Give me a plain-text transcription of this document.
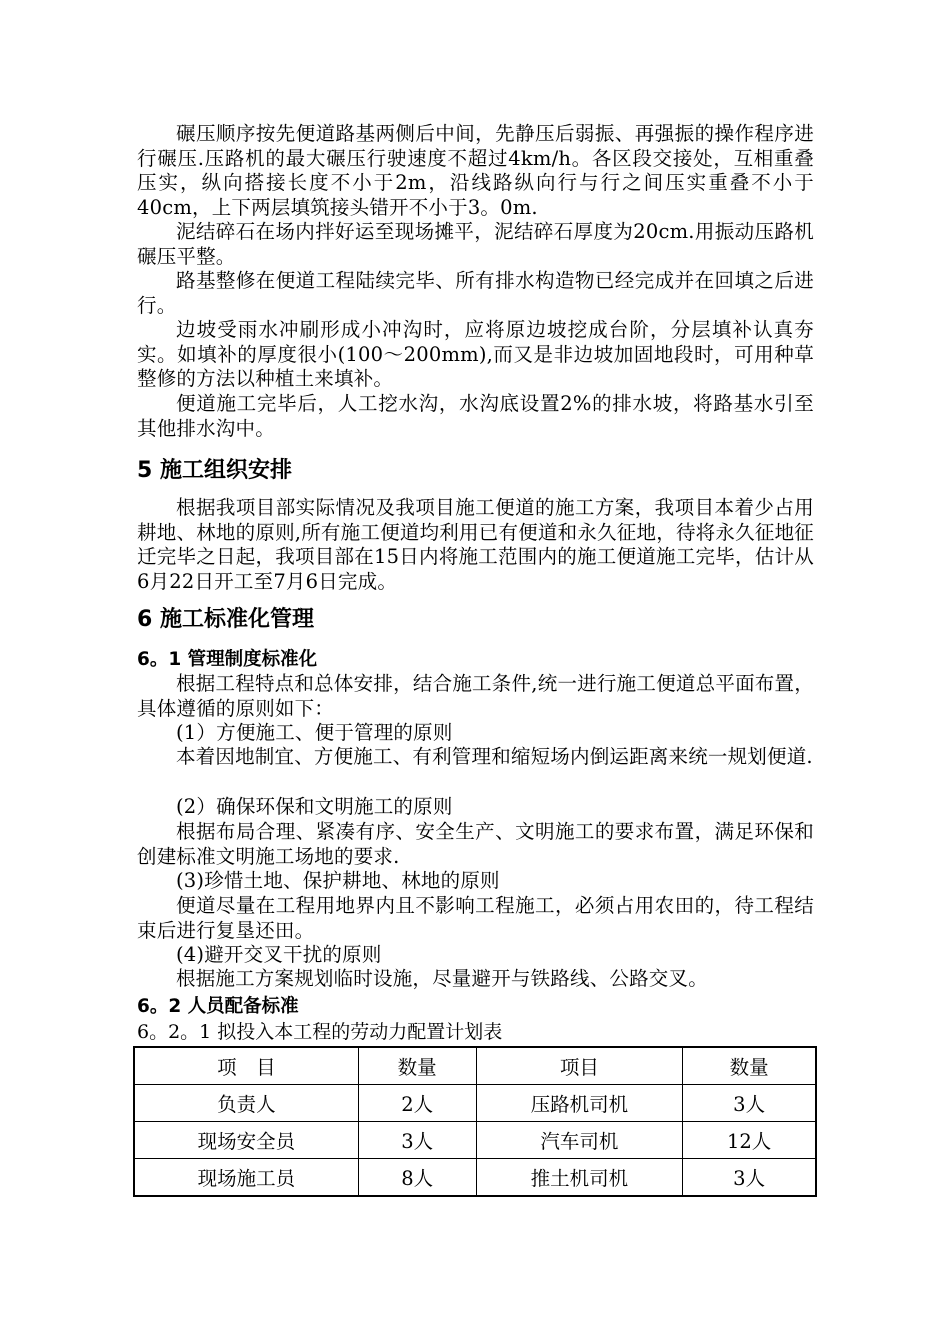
碾压顺序按先便道路基两侧后中间，先静压后弱振、再强振的操作程序进行碾压.压路机的最大碾压行驶速度不超过4km/h。各区段交接处，互相重叠压实，纵向搭接长度不小于2m，沿线路纵向行与行之间压实重叠不小于40cm，上下两层填筑接头错开不小于3。0m.

泥结碎石在场内拌好运至现场摊平，泥结碎石厚度为20cm.用振动压路机碾压平整。

路基整修在便道工程陆续完毕、所有排水构造物已经完成并在回填之后进行。

边坡受雨水冲刷形成小冲沟时，应将原边坡挖成台阶，分层填补认真夯实。如填补的厚度很小(100～200mm),而又是非边坡加固地段时，可用种草整修的方法以种植土来填补。

便道施工完毕后，人工挖水沟，水沟底设置2%的排水坡，将路基水引至其他排水沟中。

5 施工组织安排

根据我项目部实际情况及我项目施工便道的施工方案，我项目本着少占用耕地、林地的原则,所有施工便道均利用已有便道和永久征地，待将永久征地征迁完毕之日起，我项目部在15日内将施工范围内的施工便道施工完毕，估计从6月22日开工至7月6日完成。

6 施工标准化管理
6。1 管理制度标准化

根据工程特点和总体安排，结合施工条件,统一进行施工便道总平面布置，具体遵循的原则如下：

(1）方便施工、便于管理的原则

本着因地制宜、方便施工、有利管理和缩短场内倒运距离来统一规划便道.

(2）确保环保和文明施工的原则

根据布局合理、紧凑有序、安全生产、文明施工的要求布置，满足环保和创建标准文明施工场地的要求.

(3)珍惜土地、保护耕地、林地的原则

便道尽量在工程用地界内且不影响工程施工，必须占用农田的，待工程结束后进行复垦还田。

(4)避开交叉干扰的原则

根据施工方案规划临时设施，尽量避开与铁路线、公路交叉。

6。2 人员配备标准

6。2。1 拟投入本工程的劳动力配置计划表

项　目	数量	项目	数量
负责人	2人	压路机司机	3人
现场安全员	3人	汽车司机	12人
现场施工员	8人	推土机司机	3人
